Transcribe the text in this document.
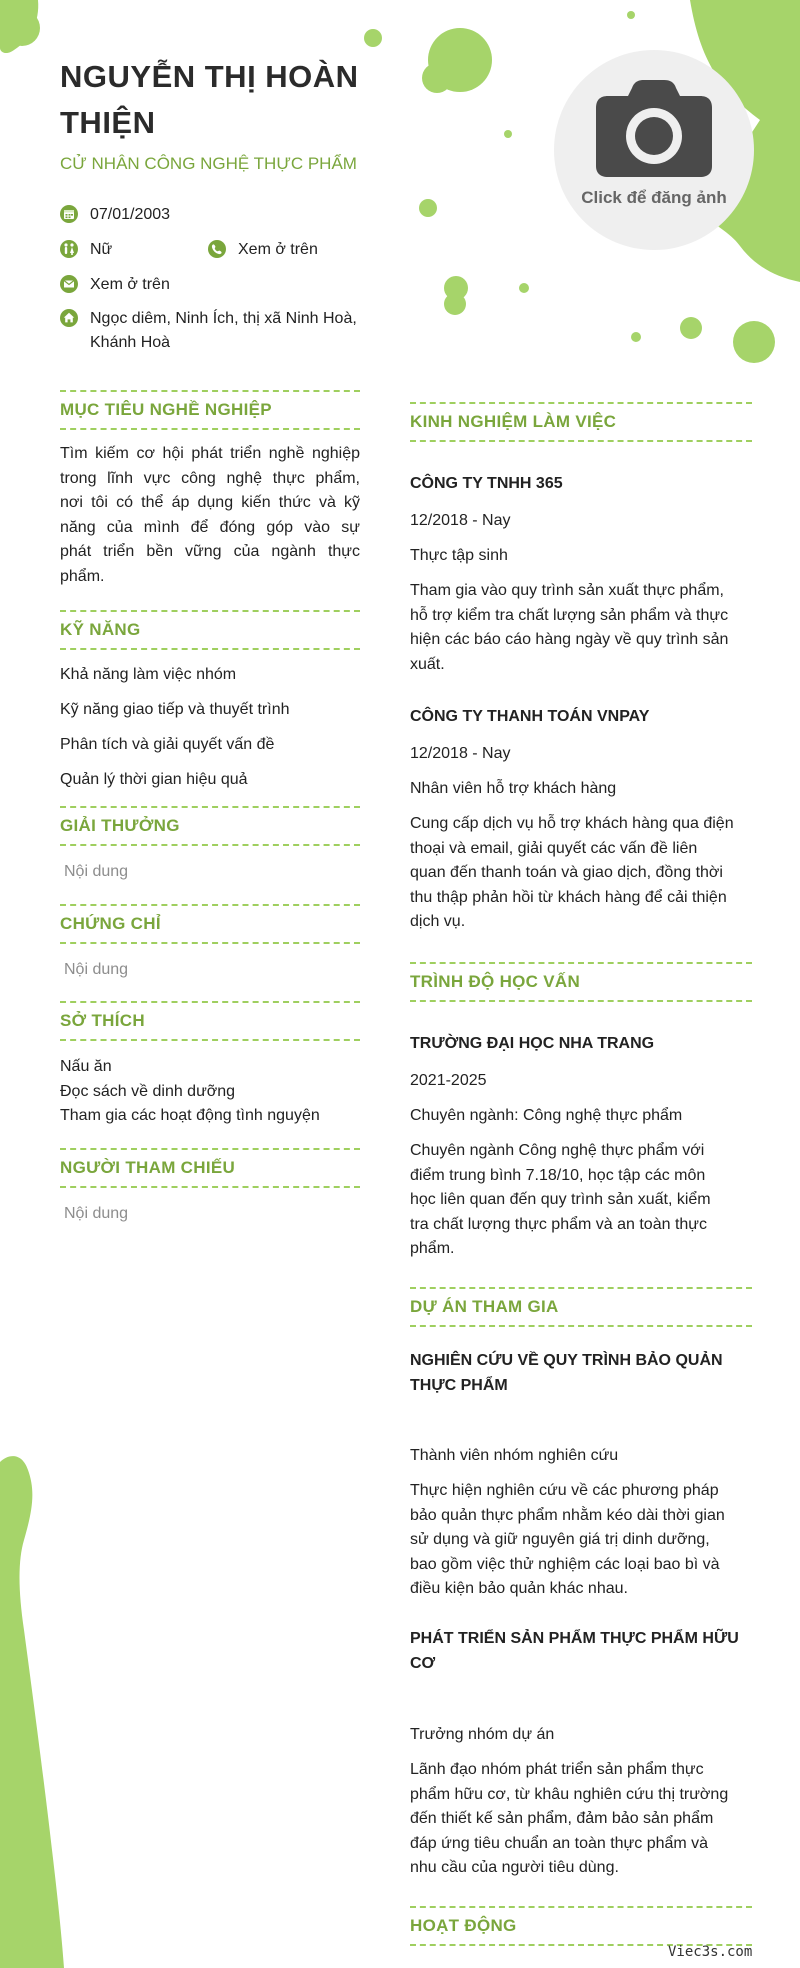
NGUYỄN THỊ HOÀN THIỆN
CỬ NHÂN CÔNG NGHỆ THỰC PHẨM
07/01/2003
Nữ	Xem ở trên
Xem ở trên
Ngọc diêm, Ninh Ích, thị xã Ninh Hoà,
Khánh Hoà
Click để đăng ảnh
MỤC TIÊU NGHỀ NGHIỆP
Tìm kiếm cơ hội phát triển nghề nghiệp
trong lĩnh vực công nghệ thực phẩm,
nơi tôi có thể áp dụng kiến thức và kỹ
năng của mình để đóng góp vào sự
phát triển bền vững của ngành thực
phẩm.
KỸ NĂNG
Khả năng làm việc nhóm
Kỹ năng giao tiếp và thuyết trình
Phân tích và giải quyết vấn đề
Quản lý thời gian hiệu quả
GIẢI THƯỞNG
Nội dung
CHỨNG CHỈ
Nội dung
SỞ THÍCH
Nấu ăn
Đọc sách về dinh dưỡng
Tham gia các hoạt động tình nguyện
NGƯỜI THAM CHIẾU
Nội dung
KINH NGHIỆM LÀM VIỆC
CÔNG TY TNHH 365
12/2018 - Nay
Thực tập sinh
Tham gia vào quy trình sản xuất thực phẩm,
hỗ trợ kiểm tra chất lượng sản phẩm và thực
hiện các báo cáo hàng ngày về quy trình sản
xuất.
CÔNG TY THANH TOÁN VNPAY
12/2018 - Nay
Nhân viên hỗ trợ khách hàng
Cung cấp dịch vụ hỗ trợ khách hàng qua điện
thoại và email, giải quyết các vấn đề liên
quan đến thanh toán và giao dịch, đồng thời
thu thập phản hồi từ khách hàng để cải thiện
dịch vụ.
TRÌNH ĐỘ HỌC VẤN
TRƯỜNG ĐẠI HỌC NHA TRANG
2021-2025
Chuyên ngành: Công nghệ thực phẩm
Chuyên ngành Công nghệ thực phẩm với
điểm trung bình 7.18/10, học tập các môn
học liên quan đến quy trình sản xuất, kiểm
tra chất lượng thực phẩm và an toàn thực
phẩm.
DỰ ÁN THAM GIA
NGHIÊN CỨU VỀ QUY TRÌNH BẢO QUẢN
THỰC PHẨM
Thành viên nhóm nghiên cứu
Thực hiện nghiên cứu về các phương pháp
bảo quản thực phẩm nhằm kéo dài thời gian
sử dụng và giữ nguyên giá trị dinh dưỡng,
bao gồm việc thử nghiệm các loại bao bì và
điều kiện bảo quản khác nhau.
PHÁT TRIỂN SẢN PHẨM THỰC PHẨM HỮU
CƠ
Trưởng nhóm dự án
Lãnh đạo nhóm phát triển sản phẩm thực
phẩm hữu cơ, từ khâu nghiên cứu thị trường
đến thiết kế sản phẩm, đảm bảo sản phẩm
đáp ứng tiêu chuẩn an toàn thực phẩm và
nhu cầu của người tiêu dùng.
HOẠT ĐỘNG
Viec3s.com
